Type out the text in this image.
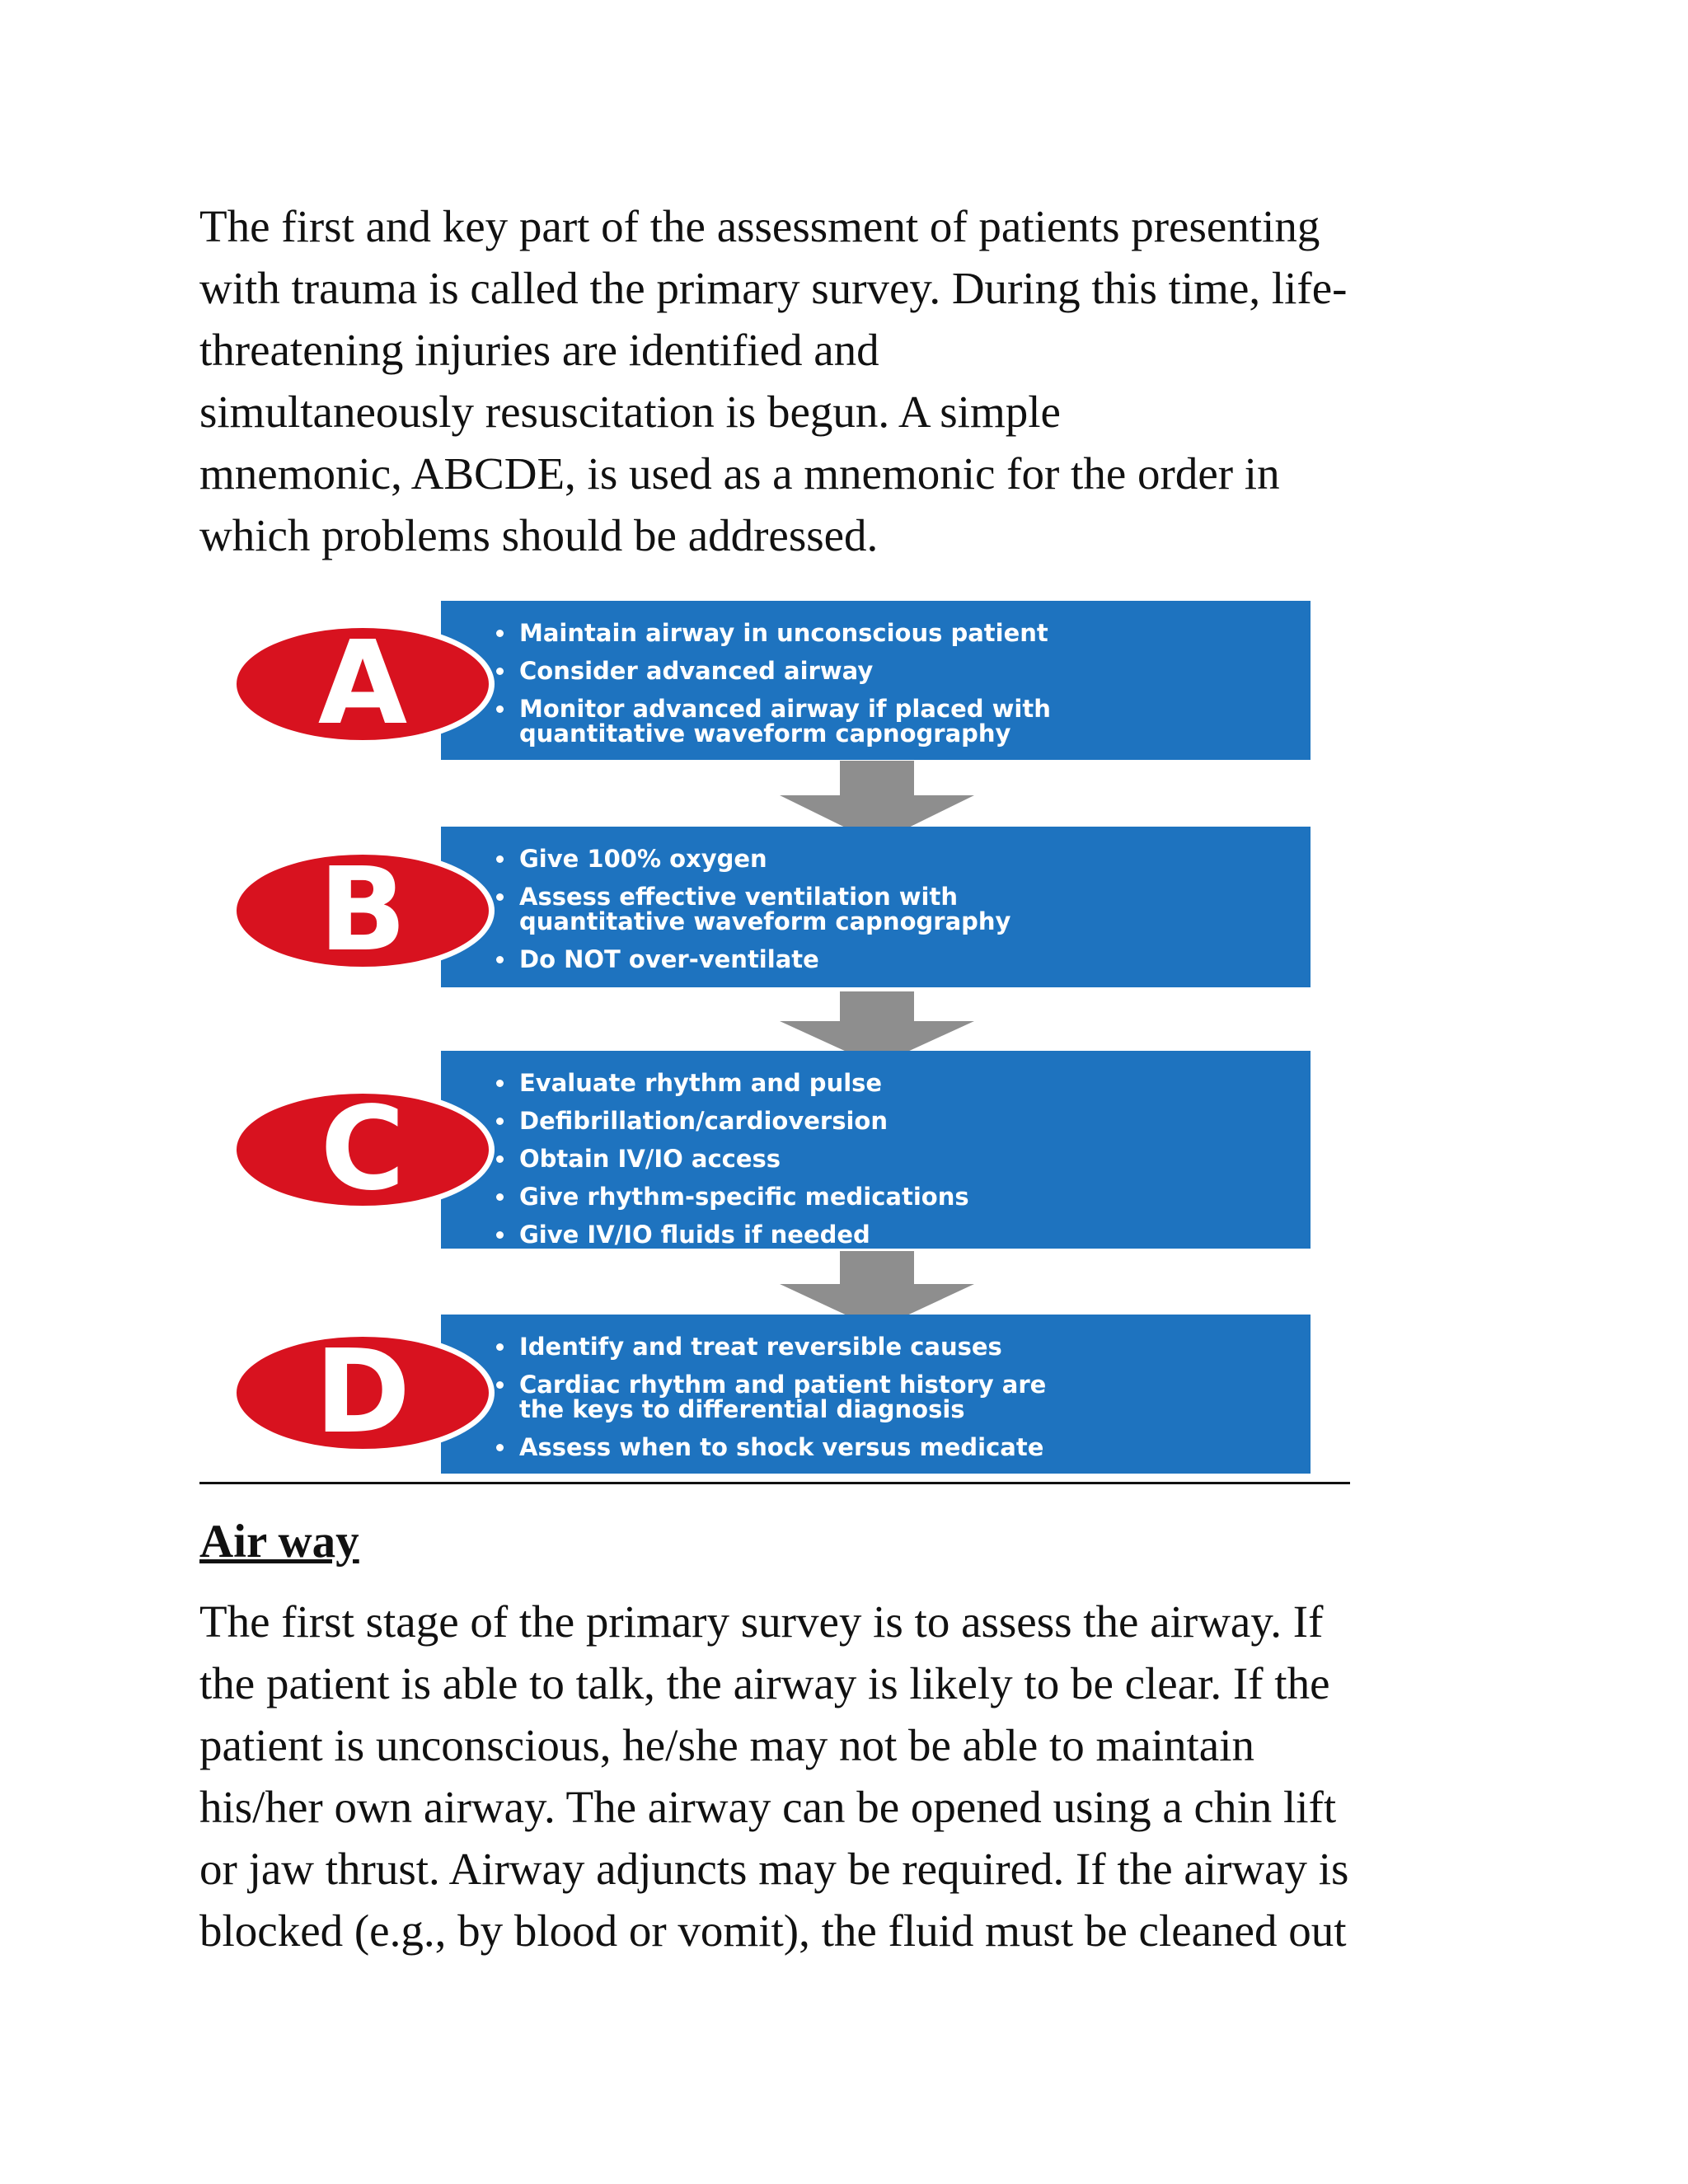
The first and key part of the assessment of patients presenting
with trauma is called the primary survey. During this time, life-
threatening injuries are identified and
simultaneously resuscitation is begun. A simple
mnemonic, ABCDE, is used as a mnemonic for the order in
which problems should be addressed.

Maintain airway in unconscious patient
Consider advanced airway
Monitor advanced airway if placed with
quantitative waveform capnography
A
Give 100% oxygen
Assess effective ventilation with
quantitative waveform capnography
Do NOT over-ventilate
B
Evaluate rhythm and pulse
Defibrillation/cardioversion
Obtain IV/IO access
Give rhythm-specific medications
Give IV/IO fluids if needed
C
Identify and treat reversible causes
Cardiac rhythm and patient history are
the keys to differential diagnosis
Assess when to shock versus medicate
D
Air way

The first stage of the primary survey is to assess the airway. If
the patient is able to talk, the airway is likely to be clear. If the
patient is unconscious, he/she may not be able to maintain
his/her own airway. The airway can be opened using a chin lift
or jaw thrust. Airway adjuncts may be required. If the airway is
blocked (e.g., by blood or vomit), the fluid must be cleaned out
